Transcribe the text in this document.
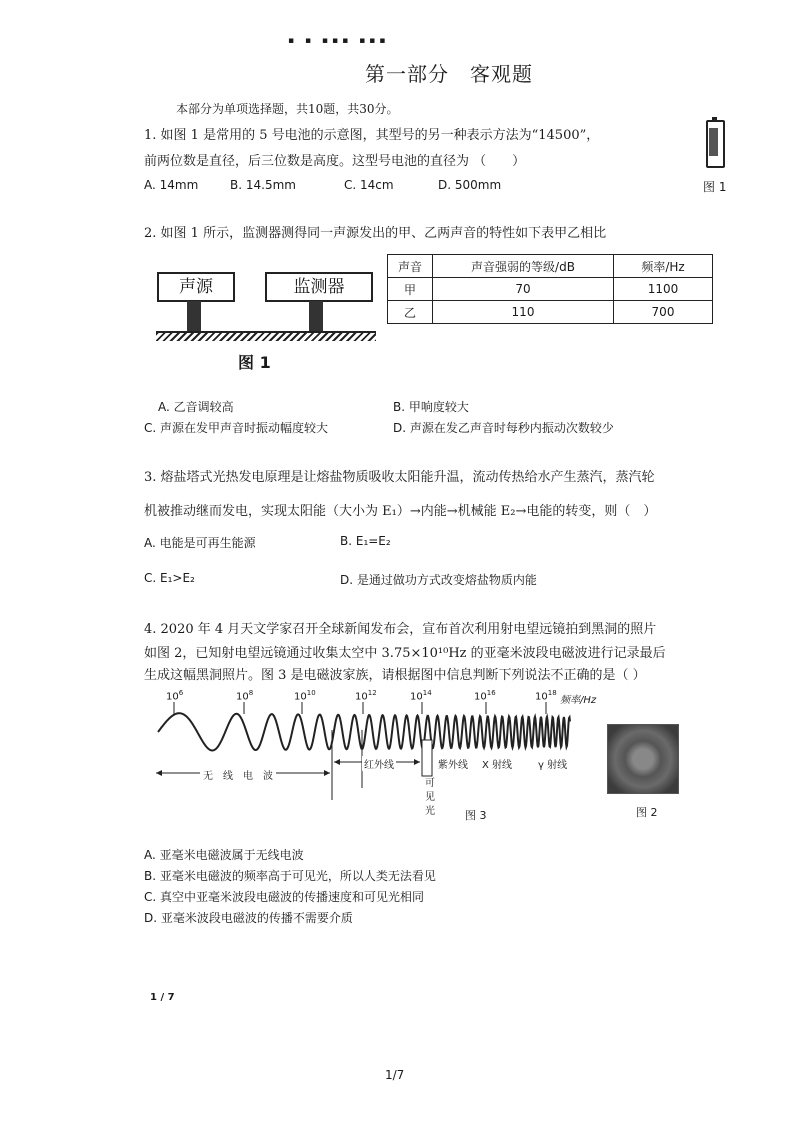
▪ ▪ ▪▪▪ ▪▪▪
第一部分　客观题
本部分为单项选择题，共10题，共30分。
1. 如图 1 是常用的 5 号电池的示意图，其型号的另一种表示方法为“14500”，
前两位数是直径，后三位数是高度。这型号电池的直径为 （　　）
A. 14mm	B. 14.5mm	C. 14cm	D. 500mm	图 1
2. 如图 1 所示，监测器测得同一声源发出的甲、乙两声音的特性如下表甲乙相比
声源	监测器
图 1
声音	声音强弱的等级/dB	频率/Hz
甲	70	1100
乙	110	700
A. 乙音调较高	B. 甲响度较大
C. 声源在发甲声音时振动幅度较大	D. 声源在发乙声音时每秒内振动次数较少
3. 熔盐塔式光热发电原理是让熔盐物质吸收太阳能升温，流动传热给水产生蒸汽，蒸汽轮
机被推动继而发电，实现太阳能（大小为 E₁）→内能→机械能 E₂→电能的转变，则（　）
A. 电能是可再生能源	B. E₁=E₂
C. E₁>E₂	D. 是通过做功方式改变熔盐物质内能
4. 2020 年 4 月天文学家召开全球新闻发布会，宣布首次利用射电望远镜拍到黑洞的照片
如图 2，已知射电望远镜通过收集太空中 3.75×10¹⁰Hz 的亚毫米波段电磁波进行记录最后
生成这幅黑洞照片。图 3 是电磁波家族，请根据图中信息判断下列说法不正确的是（ ）
$10^6$	$10^8$	$10^{10}$	$10^{12}$	$10^{14}$	$10^{16}$	$10^{18}$
频率/Hz
无　线　电　波
红外线
可
见
光
紫外线 X 射线	γ 射线
图 3	图 2
A. 亚毫米电磁波属于无线电波
B. 亚毫米电磁波的频率高于可见光，所以人类无法看见
C. 真空中亚毫米波段电磁波的传播速度和可见光相同
D. 亚毫米波段电磁波的传播不需要介质
1 / 7
1/7
